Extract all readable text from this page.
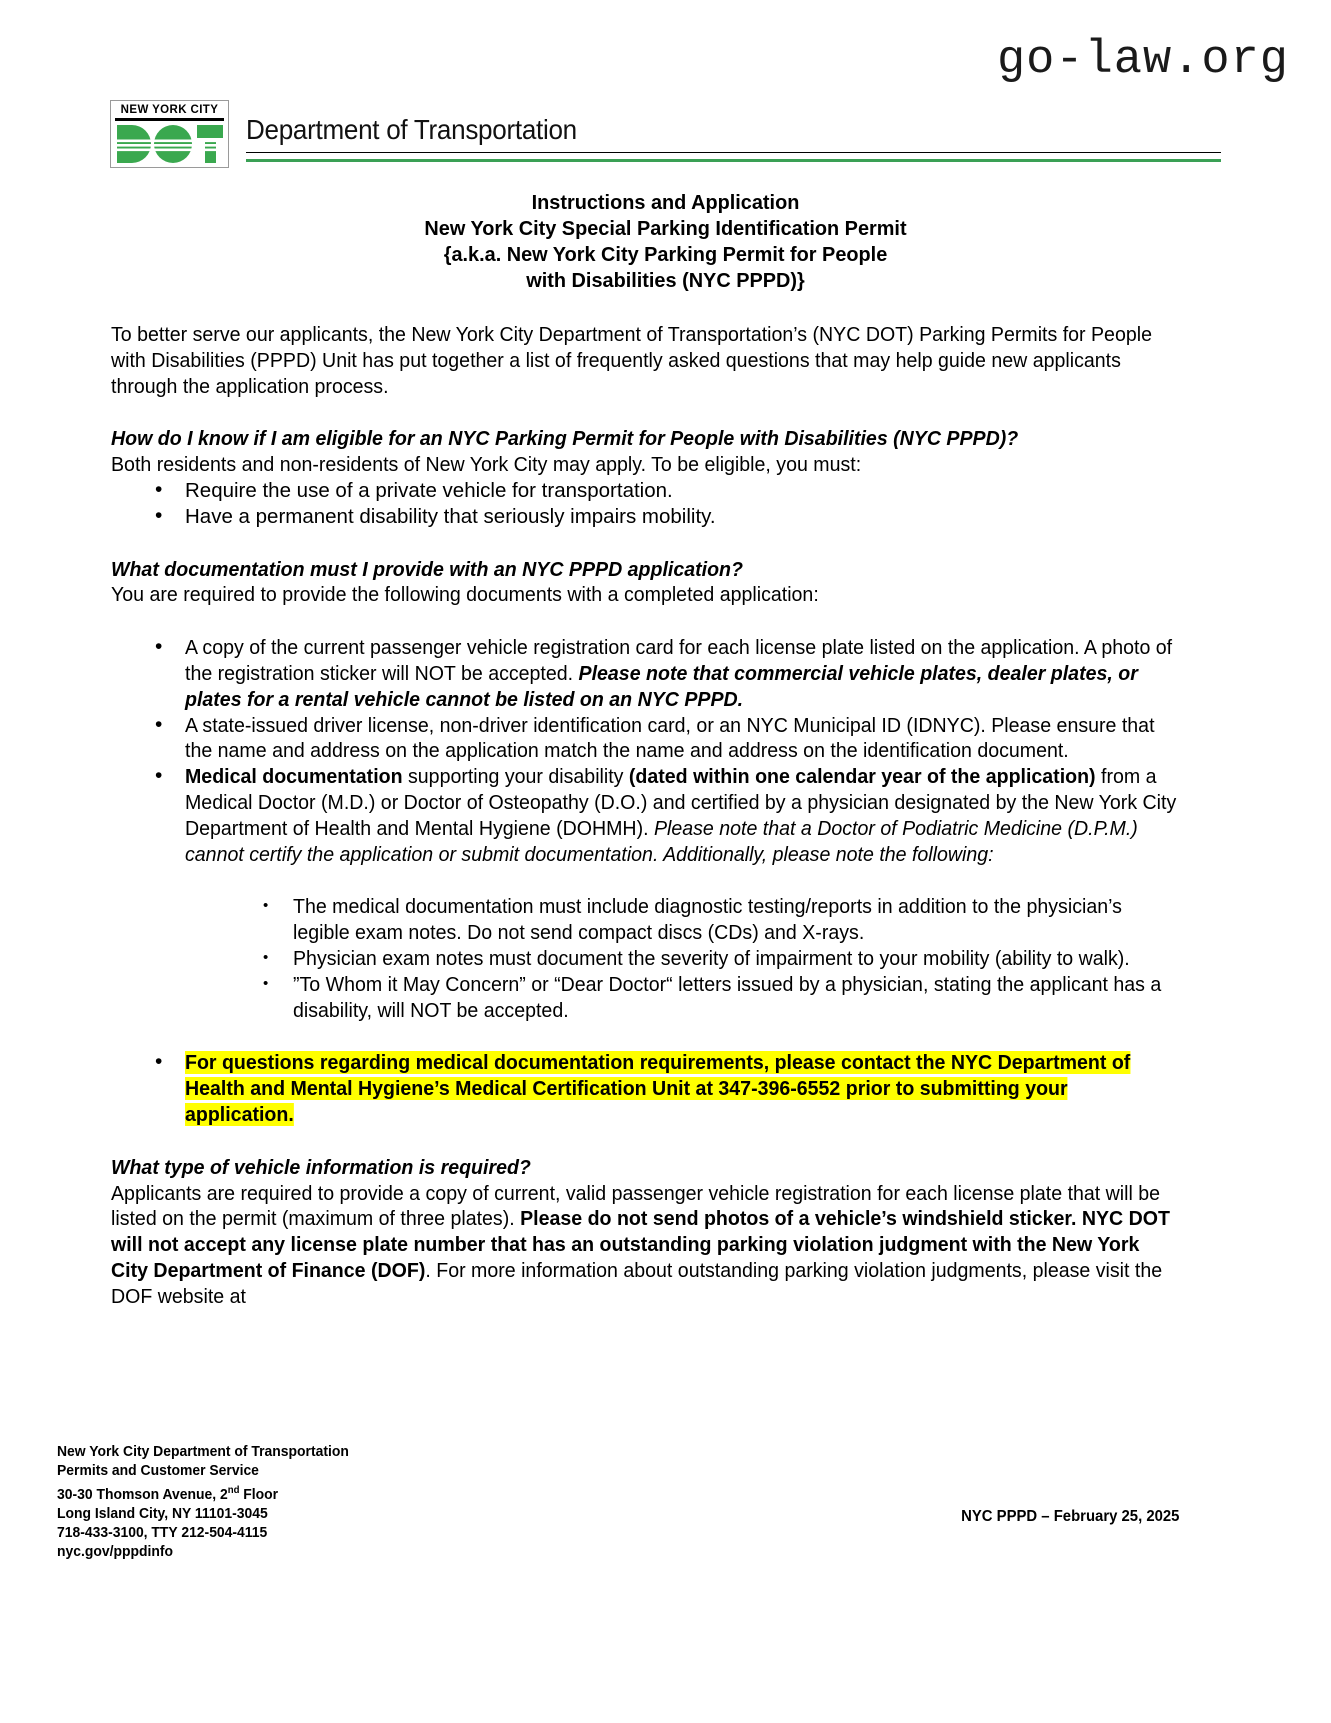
go-law.org
NEW YORK CITY
Department of Transportation
Instructions and Application
New York City Special Parking Identification Permit
{a.k.a. New York City Parking Permit for People
with Disabilities (NYC PPPD)}
To better serve our applicants, the New York City Department of Transportation’s (NYC DOT) Parking Permits for People with Disabilities (PPPD) Unit has put together a list of frequently asked questions that may help guide new applicants through the application process.
How do I know if I am eligible for an NYC Parking Permit for People with Disabilities (NYC PPPD)?
Both residents and non-residents of New York City may apply. To be eligible, you must:
• Require the use of a private vehicle for transportation.
• Have a permanent disability that seriously impairs mobility.
What documentation must I provide with an NYC PPPD application?
You are required to provide the following documents with a completed application:
• A copy of the current passenger vehicle registration card for each license plate listed on the application. A photo of the registration sticker will NOT be accepted. Please note that commercial vehicle plates, dealer plates, or plates for a rental vehicle cannot be listed on an NYC PPPD.
• A state-issued driver license, non-driver identification card, or an NYC Municipal ID (IDNYC). Please ensure that the name and address on the application match the name and address on the identification document.
• Medical documentation supporting your disability (dated within one calendar year of the application) from a Medical Doctor (M.D.) or Doctor of Osteopathy (D.O.) and certified by a physician designated by the New York City Department of Health and Mental Hygiene (DOHMH). Please note that a Doctor of Podiatric Medicine (D.P.M.) cannot certify the application or submit documentation. Additionally, please note the following:
• The medical documentation must include diagnostic testing/reports in addition to the physician’s legible exam notes. Do not send compact discs (CDs) and X-rays.
• Physician exam notes must document the severity of impairment to your mobility (ability to walk).
• ”To Whom it May Concern” or “Dear Doctor“ letters issued by a physician, stating the applicant has a disability, will NOT be accepted.
• For questions regarding medical documentation requirements, please contact the NYC Department of Health and Mental Hygiene’s Medical Certification Unit at 347-396-6552 prior to submitting your application.
What type of vehicle information is required?
Applicants are required to provide a copy of current, valid passenger vehicle registration for each license plate that will be listed on the permit (maximum of three plates). Please do not send photos of a vehicle’s windshield sticker. NYC DOT will not accept any license plate number that has an outstanding parking violation judgment with the New York City Department of Finance (DOF). For more information about outstanding parking violation judgments, please visit the DOF website at
New York City Department of Transportation
Permits and Customer Service
30-30 Thomson Avenue, 2nd Floor
Long Island City, NY 11101-3045
718-433-3100, TTY 212-504-4115
nyc.gov/pppdinfo
NYC PPPD – February 25, 2025
